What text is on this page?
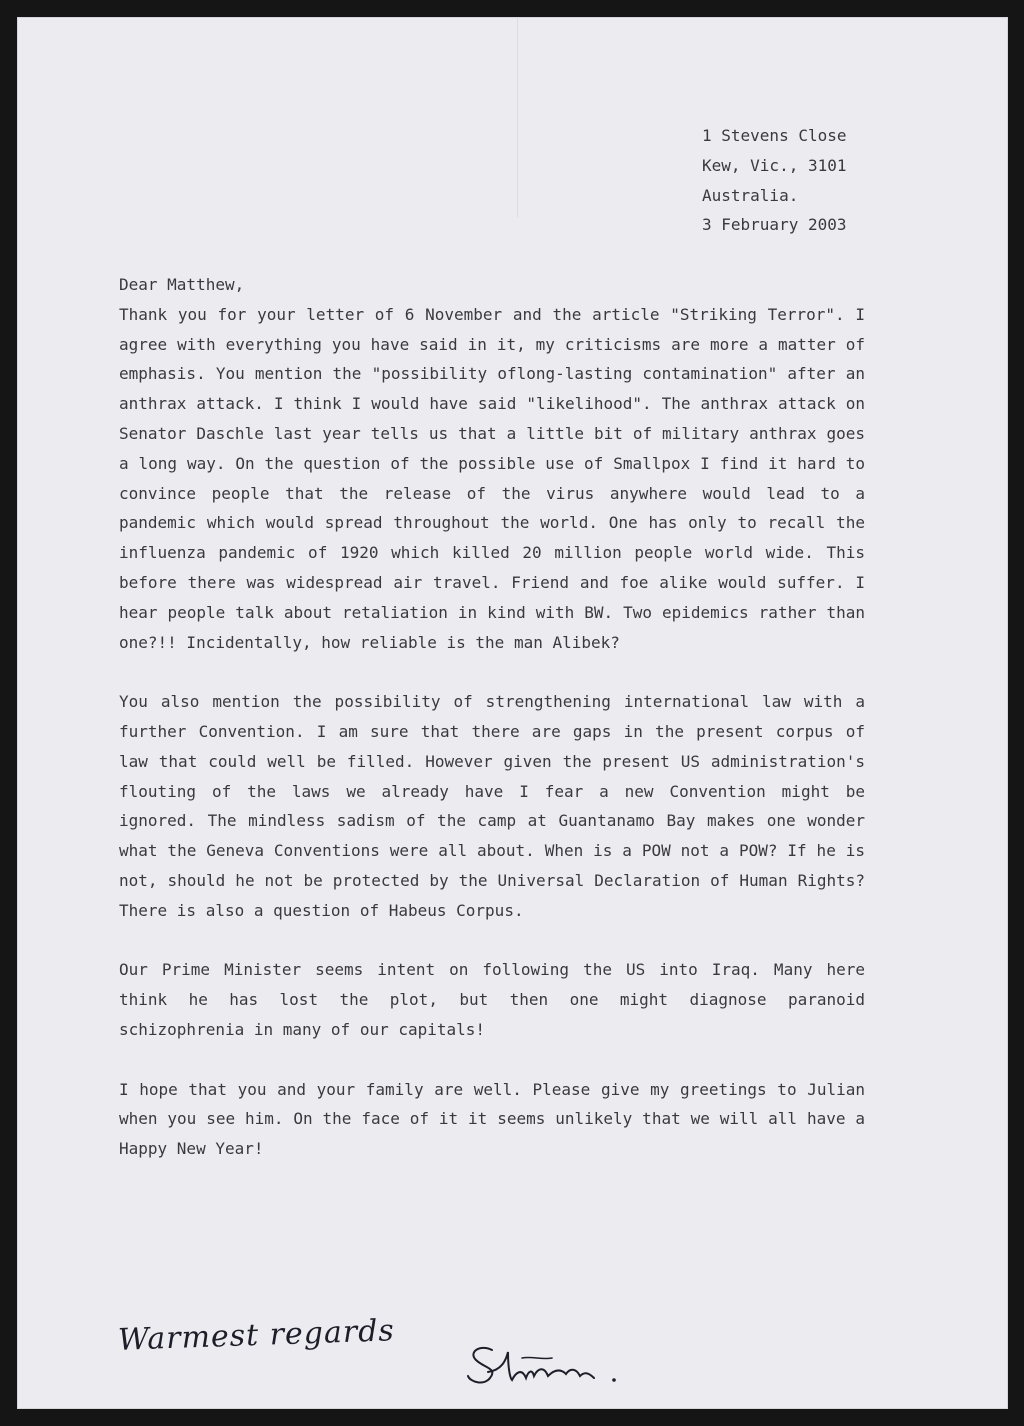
1 Stevens Close
Kew, Vic., 3101
Australia.
3 February 2003
Dear Matthew,

Thank you for your letter of 6 November and the article "Striking Terror". I agree with everything you have said in it, my criticisms are more a matter of emphasis. You mention the "possibility oflong-lasting contamination" after an anthrax attack. I think I would have said "likelihood". The anthrax attack on Senator Daschle last year tells us that a little bit of military anthrax goes a long way. On the question of the possible use of Smallpox I find it hard to convince people that the release of the virus anywhere would lead to a pandemic which would spread throughout the world. One has only to recall the influenza pandemic of 1920 which killed 20 million people world wide. This before there was widespread air travel. Friend and foe alike would suffer. I hear people talk about retaliation in kind with BW. Two epidemics rather than one?!! Incidentally, how reliable is the man Alibek?

You also mention the possibility of strengthening international law with a further Convention. I am sure that there are gaps in the present corpus of law that could well be filled. However given the present US administration's flouting of the laws we already have I fear a new Convention might be ignored. The mindless sadism of the camp at Guantanamo Bay makes one wonder what the Geneva Conventions were all about. When is a POW not a POW? If he is not, should he not be protected by the Universal Declaration of Human Rights? There is also a question of Habeus Corpus.

Our Prime Minister seems intent on following the US into Iraq. Many here think he has lost the plot, but then one might diagnose paranoid schizophrenia in many of our capitals!

I hope that you and your family are well. Please give my greetings to Julian when you see him. On the face of it it seems unlikely that we will all have a Happy New Year!

Warmest regards
